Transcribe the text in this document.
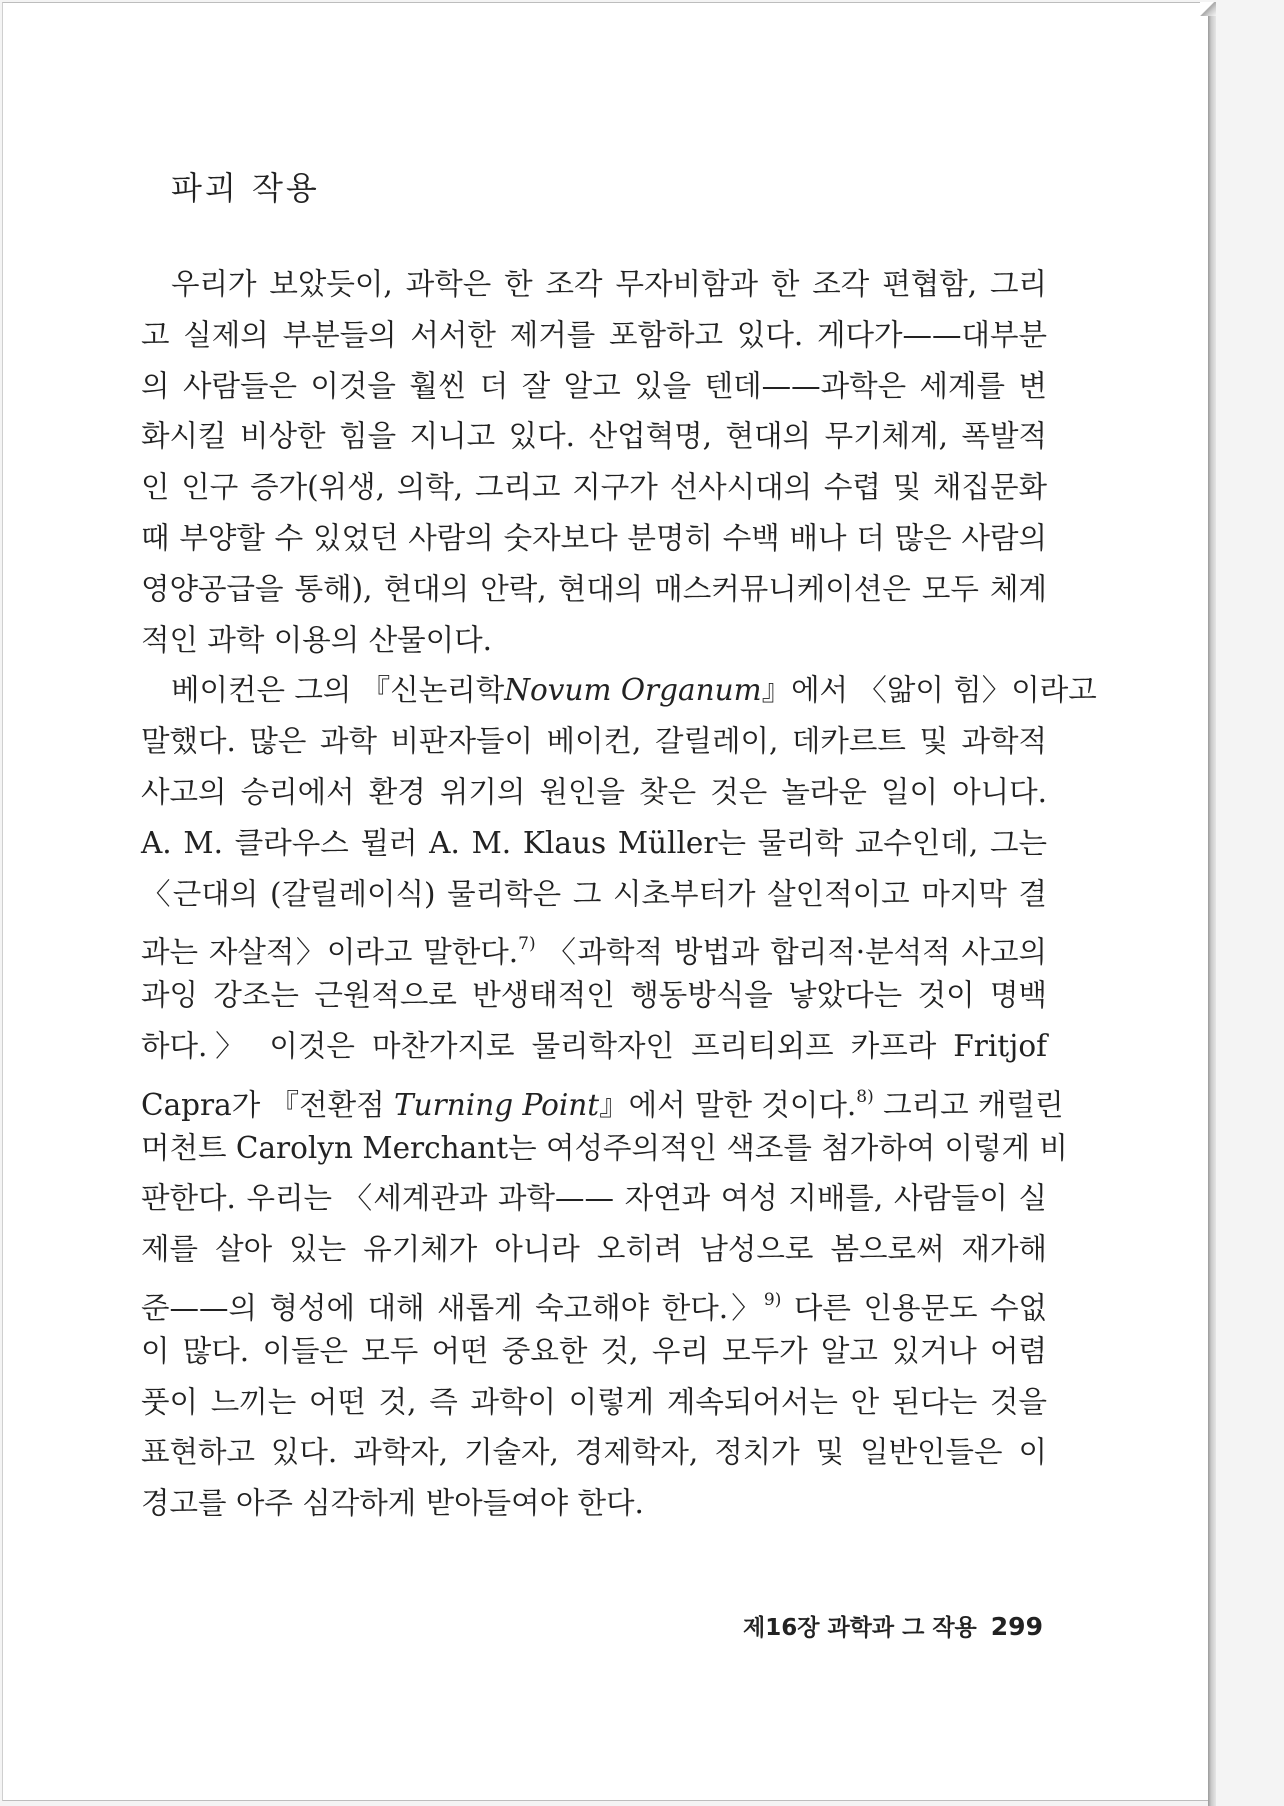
파괴 작용
우리가 보았듯이, 과학은 한 조각 무자비함과 한 조각 편협함, 그리
고 실제의 부분들의 서서한 제거를 포함하고 있다. 게다가——대부분
의 사람들은 이것을 훨씬 더 잘 알고 있을 텐데——과학은 세계를 변
화시킬 비상한 힘을 지니고 있다. 산업혁명, 현대의 무기체계, 폭발적
인 인구 증가(위생, 의학, 그리고 지구가 선사시대의 수렵 및 채집문화
때 부양할 수 있었던 사람의 숫자보다 분명히 수백 배나 더 많은 사람의
영양공급을 통해), 현대의 안락, 현대의 매스커뮤니케이션은 모두 체계
적인 과학 이용의 산물이다.
베이컨은 그의 『신논리학Novum Organum』에서 〈앎이 힘〉이라고
말했다. 많은 과학 비판자들이 베이컨, 갈릴레이, 데카르트 및 과학적
사고의 승리에서 환경 위기의 원인을 찾은 것은 놀라운 일이 아니다.
A. M. 클라우스 뮐러 A. M. Klaus Müller는 물리학 교수인데, 그는
〈근대의 (갈릴레이식) 물리학은 그 시초부터가 살인적이고 마지막 결
과는 자살적〉이라고 말한다.$^{7)}$ 〈과학적 방법과 합리적·분석적 사고의
과잉 강조는 근원적으로 반생태적인 행동방식을 낳았다는 것이 명백
하다.〉 이것은 마찬가지로 물리학자인 프리티외프 카프라 Fritjof
Capra가 『전환점 Turning Point』에서 말한 것이다.$^{8)}$ 그리고 캐럴린
머천트 Carolyn Merchant는 여성주의적인 색조를 첨가하여 이렇게 비
판한다. 우리는 〈세계관과 과학—— 자연과 여성 지배를, 사람들이 실
제를 살아 있는 유기체가 아니라 오히려 남성으로 봄으로써 재가해
준——의 형성에 대해 새롭게 숙고해야 한다.〉$^{9)}$ 다른 인용문도 수없
이 많다. 이들은 모두 어떤 중요한 것, 우리 모두가 알고 있거나 어렴
풋이 느끼는 어떤 것, 즉 과학이 이렇게 계속되어서는 안 된다는 것을
표현하고 있다. 과학자, 기술자, 경제학자, 정치가 및 일반인들은 이
경고를 아주 심각하게 받아들여야 한다.
제16장 과학과 그 작용 299
